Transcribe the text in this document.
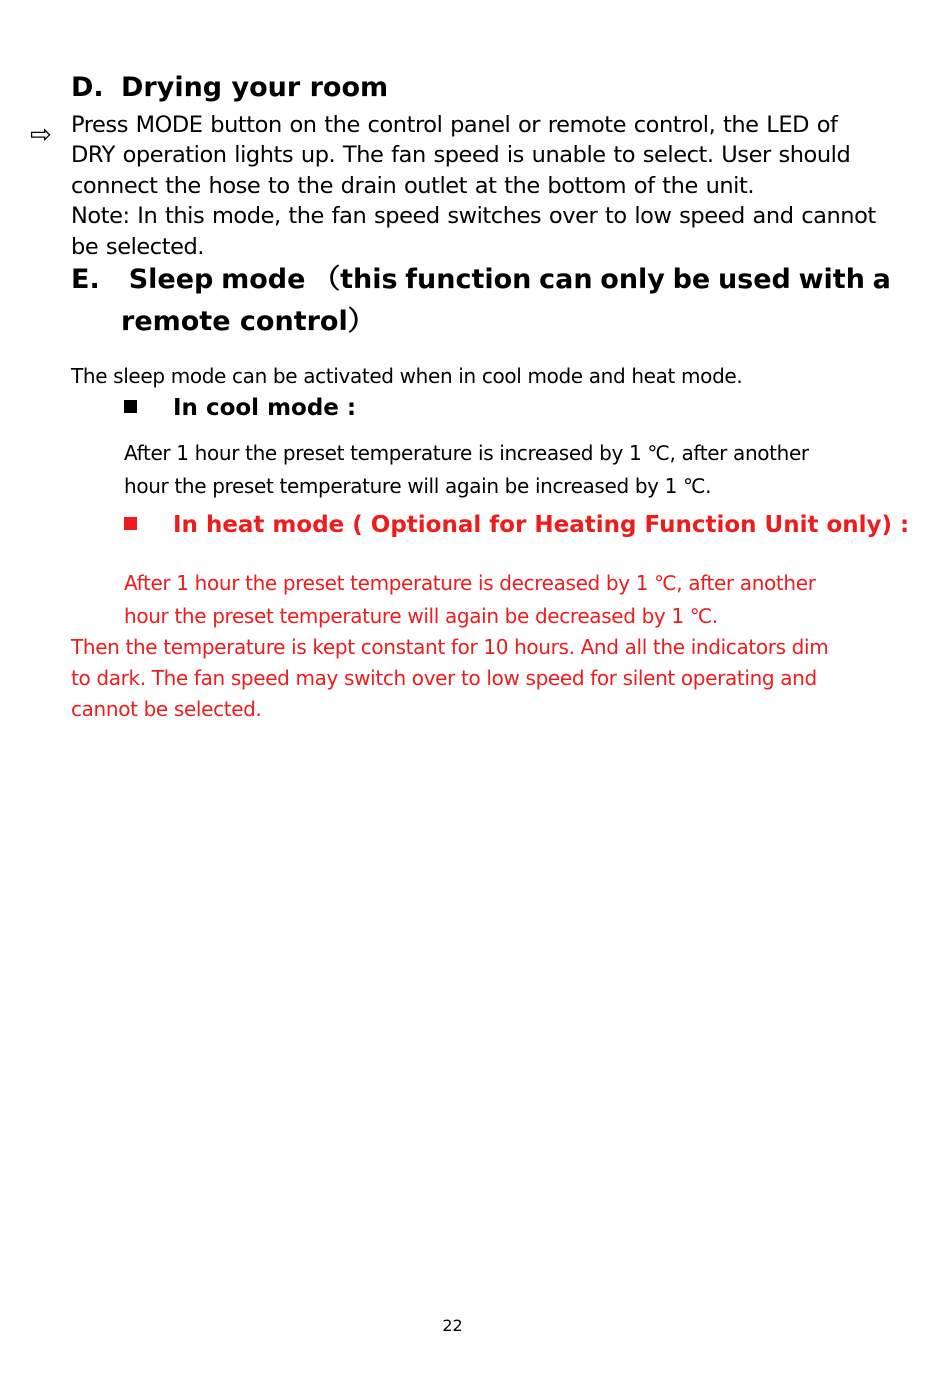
D. Drying your room
⇨ Press MODE button on the control panel or remote control, the LED of

DRY operation lights up. The fan speed is unable to select. User should

connect the hose to the drain outlet at the bottom of the unit.

Note: In this mode, the fan speed switches over to low speed and cannot

be selected.

E.	Sleep mode （this function can only be used with a
remote control）
The sleep mode can be activated when in cool mode and heat mode.
In cool mode :

After 1 hour the preset temperature is increased by 1 ℃, after another

hour the preset temperature will again be increased by 1 ℃.

In heat mode ( Optional for Heating Function Unit only) :

After 1 hour the preset temperature is decreased by 1 ℃, after another

hour the preset temperature will again be decreased by 1 ℃.

Then the temperature is kept constant for 10 hours. And all the indicators dim

to dark. The fan speed may switch over to low speed for silent operating and

cannot be selected.

22
